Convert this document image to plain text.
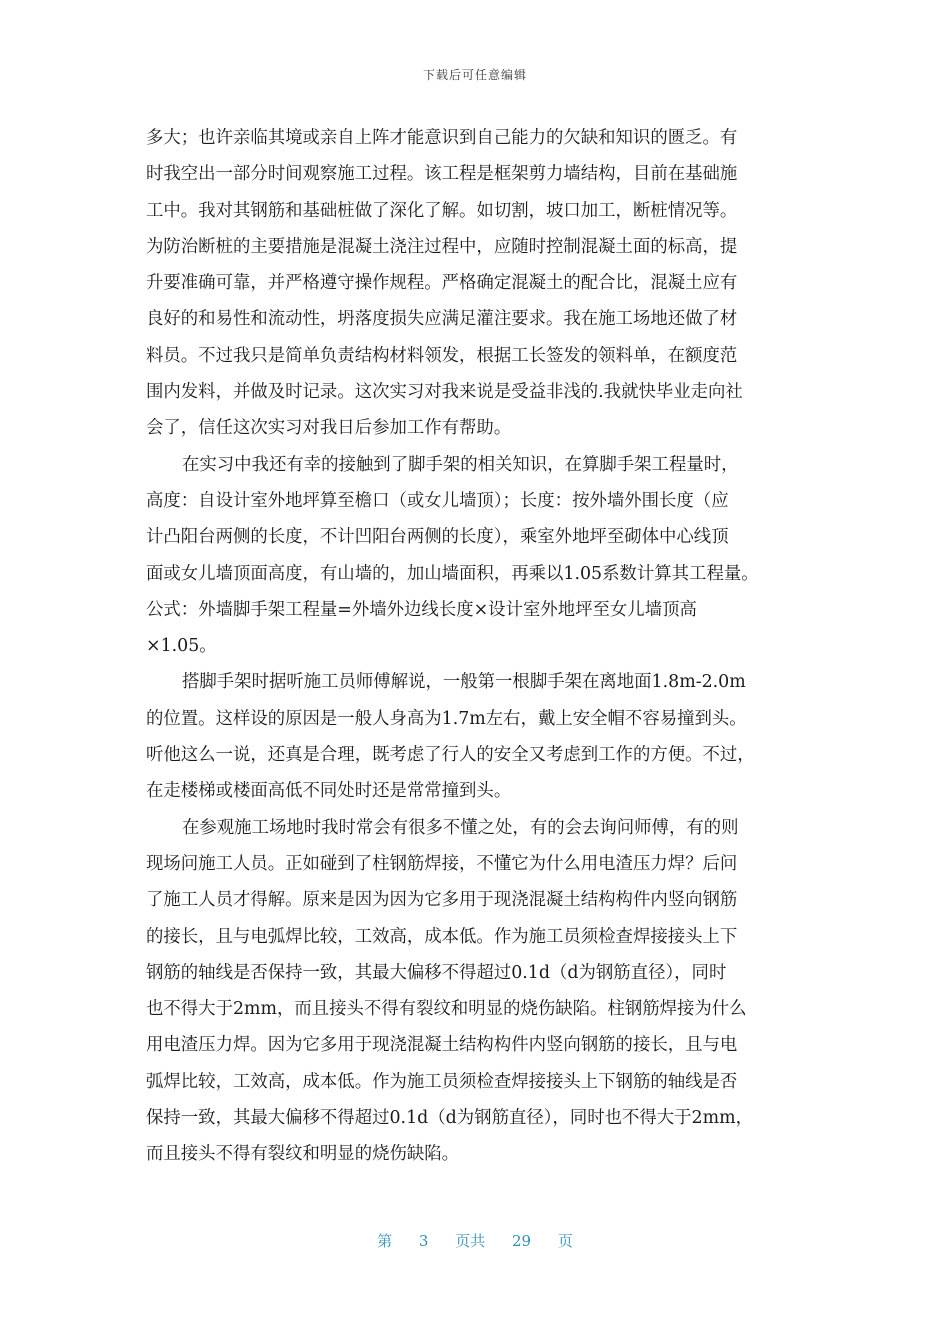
下载后可任意编辑
多大；也许亲临其境或亲自上阵才能意识到自己能力的欠缺和知识的匮乏。有
时我空出一部分时间观察施工过程。该工程是框架剪力墙结构，目前在基础施
工中。我对其钢筋和基础桩做了深化了解。如切割，坡口加工，断桩情况等。
为防治断桩的主要措施是混凝土浇注过程中，应随时控制混凝土面的标高，提
升要准确可靠，并严格遵守操作规程。严格确定混凝土的配合比，混凝土应有
良好的和易性和流动性，坍落度损失应满足灌注要求。我在施工场地还做了材
料员。不过我只是简单负责结构材料领发，根据工长签发的领料单，在额度范
围内发料，并做及时记录。这次实习对我来说是受益非浅的.我就快毕业走向社
会了，信任这次实习对我日后参加工作有帮助。
在实习中我还有幸的接触到了脚手架的相关知识，在算脚手架工程量时，
高度：自设计室外地坪算至檐口（或女儿墙顶）；长度：按外墙外围长度（应
计凸阳台两侧的长度，不计凹阳台两侧的长度），乘室外地坪至砌体中心线顶
面或女儿墙顶面高度，有山墙的，加山墙面积，再乘以1.05系数计算其工程量。
公式：外墙脚手架工程量=外墙外边线长度×设计室外地坪至女儿墙顶高
×1.05。
搭脚手架时据听施工员师傅解说，一般第一根脚手架在离地面1.8m-2.0m
的位置。这样设的原因是一般人身高为1.7m左右，戴上安全帽不容易撞到头。
听他这么一说，还真是合理，既考虑了行人的安全又考虑到工作的方便。不过，
在走楼梯或楼面高低不同处时还是常常撞到头。
在参观施工场地时我时常会有很多不懂之处，有的会去询问师傅，有的则
现场问施工人员。正如碰到了柱钢筋焊接，不懂它为什么用电渣压力焊？后问
了施工人员才得解。原来是因为因为它多用于现浇混凝土结构构件内竖向钢筋
的接长，且与电弧焊比较，工效高，成本低。作为施工员须检查焊接接头上下
钢筋的轴线是否保持一致，其最大偏移不得超过0.1d（d为钢筋直径），同时
也不得大于2mm，而且接头不得有裂纹和明显的烧伤缺陷。柱钢筋焊接为什么
用电渣压力焊。因为它多用于现浇混凝土结构构件内竖向钢筋的接长，且与电
弧焊比较，工效高，成本低。作为施工员须检查焊接接头上下钢筋的轴线是否
保持一致，其最大偏移不得超过0.1d（d为钢筋直径），同时也不得大于2mm，
而且接头不得有裂纹和明显的烧伤缺陷。
第 3 页共 29 页
